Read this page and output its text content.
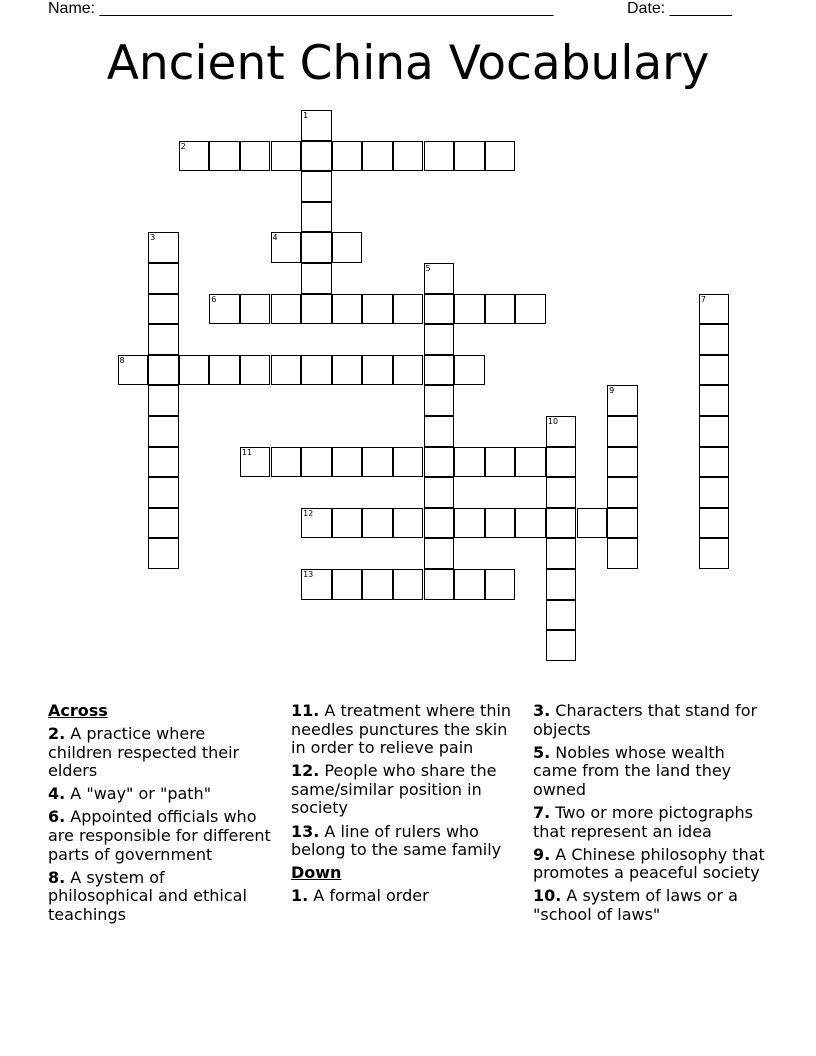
Name: ___________________________________________________	Date: _______
Ancient China Vocabulary
2
4
6
8
11
12
13
1
3
5
7
9
10
Across
2. A practice where children respected their elders
4. A "way" or "path"
6. Appointed officials who are responsible for different parts of government
8. A system of philosophical and ethical teachings
11. A treatment where thin needles punctures the skin in order to relieve pain
12. People who share the same/similar position in society
13. A line of rulers who belong to the same family
Down
1. A formal order
3. Characters that stand for objects
5. Nobles whose wealth came from the land they owned
7. Two or more pictographs that represent an idea
9. A Chinese philosophy that promotes a peaceful society
10. A system of laws or a "school of laws"
